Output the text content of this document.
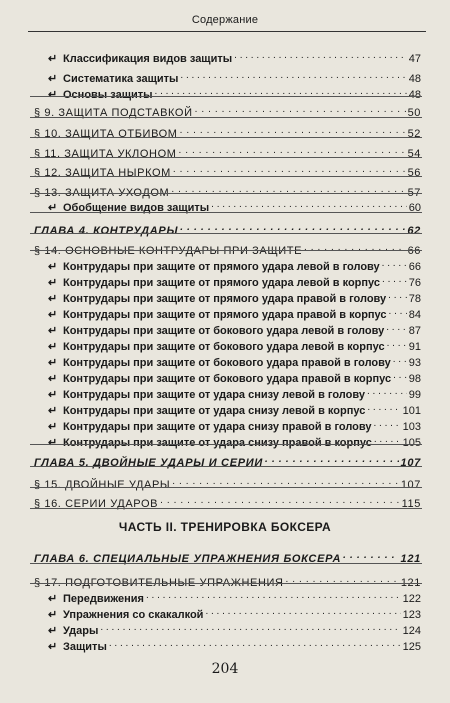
Содержание
↵ Классификация видов защиты . . .	47
↵ Систематика защиты . . .	48
↵ Основы защиты . . .	48
§ 9. ЗАЩИТА ПОДСТАВКОЙ . . .	50
§ 10. ЗАЩИТА ОТБИВОМ . . .	52
§ 11. ЗАЩИТА УКЛОНОМ . . .	54
§ 12. ЗАЩИТА НЫРКОМ . . .	56
§ 13. ЗАЩИТА УХОДОМ . . .	57
↵ Обобщение видов защиты . . .	60
ГЛАВА 4. КОНТРУДАРЫ . . .	62
§ 14. ОСНОВНЫЕ КОНТРУДАРЫ ПРИ ЗАЩИТЕ . . .	66
↵ Контрудары при защите от прямого удара левой в голову . . .	66
↵ Контрудары при защите от прямого удара левой в корпус . . .	76
↵ Контрудары при защите от прямого удара правой в голову . . . 78
↵ Контрудары при защите от прямого удара правой в корпус . . . 84
↵ Контрудары при защите от бокового удара левой в голову . . . 87
↵ Контрудары при защите от бокового удара левой в корпус . . . 91
↵ Контрудары при защите от бокового удара правой в голову . . . 93
↵ Контрудары при защите от бокового удара правой в корпус . . . 98
↵ Контрудары при защите от удара снизу левой в голову . . .	99
↵ Контрудары при защите от удара снизу левой в корпус . . .	101
↵ Контрудары при защите от удара снизу правой в голову . . .	103
↵ Контрудары при защите от удара снизу правой в корпус . . .	105
ГЛАВА 5. ДВОЙНЫЕ УДАРЫ И СЕРИИ . . .	107
§ 15. ДВОЙНЫЕ УДАРЫ . . .	107
§ 16. СЕРИИ УДАРОВ . . .	115
ГЛАВА 6. СПЕЦИАЛЬНЫЕ УПРАЖНЕНИЯ БОКСЕРА . . .	121
§ 17. ПОДГОТОВИТЕЛЬНЫЕ УПРАЖНЕНИЯ . . .	121
↵ Передвижения . . .	122
↵ Упражнения со скакалкой . . .	123
↵ Удары . . .	124
↵ Защиты . . .	125
ЧАСТЬ II. ТРЕНИРОВКА БОКСЕРА
204
